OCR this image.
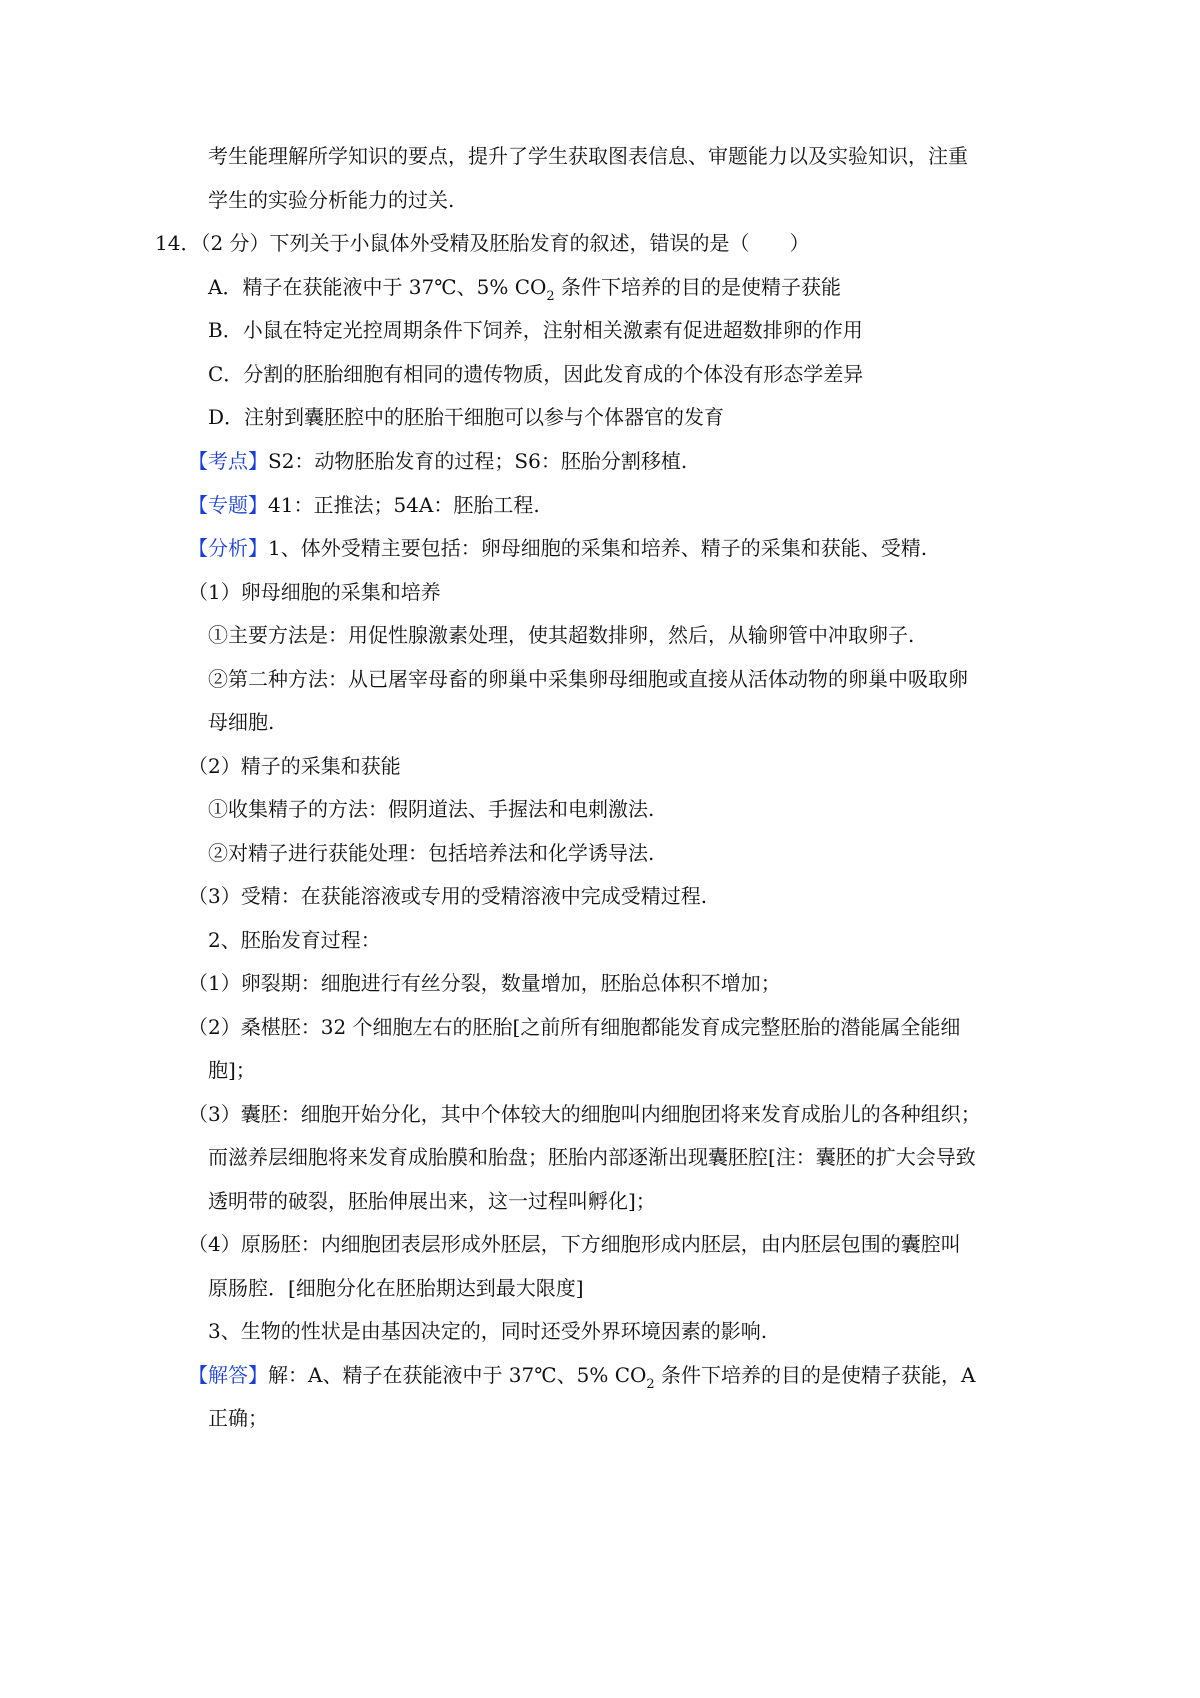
考生能理解所学知识的要点，提升了学生获取图表信息、审题能力以及实验知识，注重
学生的实验分析能力的过关.
14．（2 分）下列关于小鼠体外受精及胚胎发育的叙述，错误的是（　　）
A．精子在获能液中于 37℃、5% $CO_2$ 条件下培养的目的是使精子获能
B．小鼠在特定光控周期条件下饲养，注射相关激素有促进超数排卵的作用
C．分割的胚胎细胞有相同的遗传物质，因此发育成的个体没有形态学差异
D．注射到囊胚腔中的胚胎干细胞可以参与个体器官的发育
【考点】S2：动物胚胎发育的过程；S6：胚胎分割移植.
【专题】41：正推法；54A：胚胎工程.
【分析】1、体外受精主要包括：卵母细胞的采集和培养、精子的采集和获能、受精.
（1）卵母细胞的采集和培养
①主要方法是：用促性腺激素处理，使其超数排卵，然后，从输卵管中冲取卵子.
②第二种方法：从已屠宰母畜的卵巢中采集卵母细胞或直接从活体动物的卵巢中吸取卵
母细胞.
（2）精子的采集和获能
①收集精子的方法：假阴道法、手握法和电刺激法.
②对精子进行获能处理：包括培养法和化学诱导法.
（3）受精：在获能溶液或专用的受精溶液中完成受精过程.
2、胚胎发育过程：
（1）卵裂期：细胞进行有丝分裂，数量增加，胚胎总体积不增加；
（2）桑椹胚：32 个细胞左右的胚胎[之前所有细胞都能发育成完整胚胎的潜能属全能细
胞]；
（3）囊胚：细胞开始分化，其中个体较大的细胞叫内细胞团将来发育成胎儿的各种组织；
而滋养层细胞将来发育成胎膜和胎盘；胚胎内部逐渐出现囊胚腔[注：囊胚的扩大会导致
透明带的破裂，胚胎伸展出来，这一过程叫孵化]；
（4）原肠胚：内细胞团表层形成外胚层，下方细胞形成内胚层，由内胚层包围的囊腔叫
原肠腔．[细胞分化在胚胎期达到最大限度]
3、生物的性状是由基因决定的，同时还受外界环境因素的影响.
【解答】解：A、精子在获能液中于 37℃、5% $CO_2$ 条件下培养的目的是使精子获能，A
正确；
